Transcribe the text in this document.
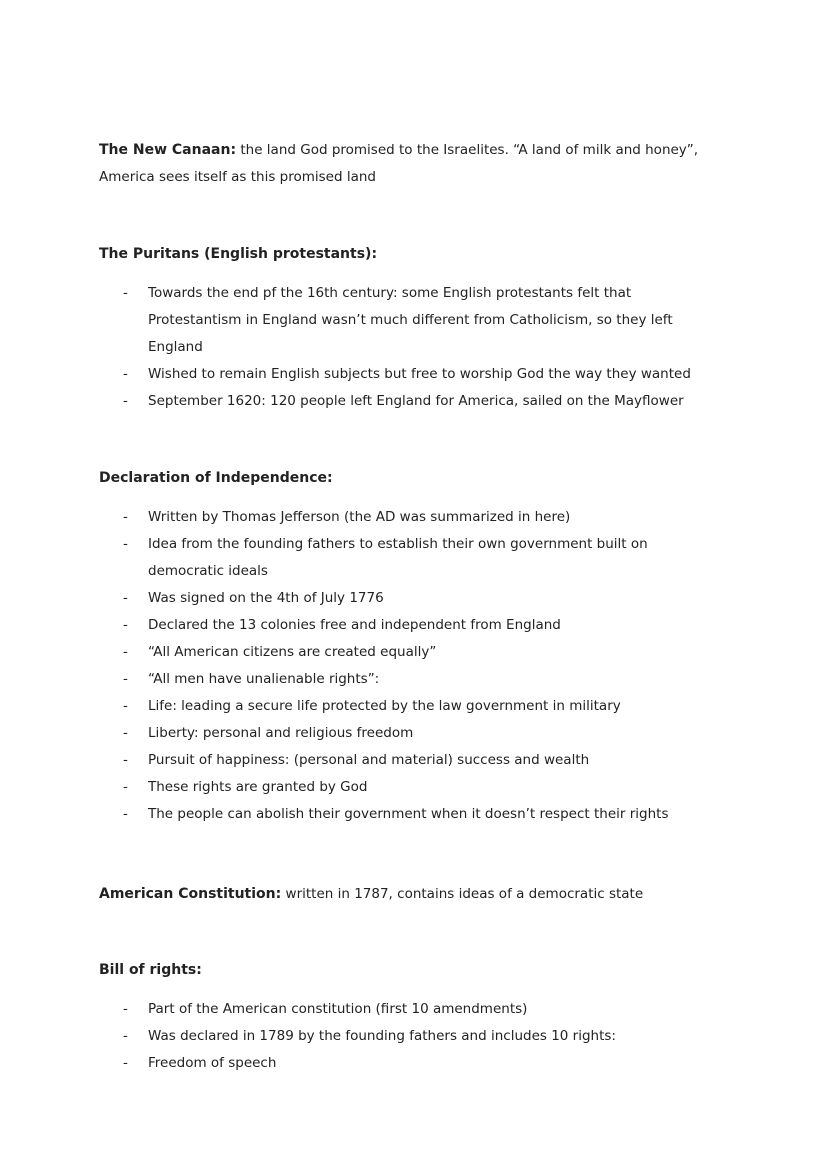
The New Canaan: the land God promised to the Israelites. “A land of milk and honey”,

America sees itself as this promised land

The Puritans (English protestants):

- Towards the end pf the 16th century: some English protestants felt that
Protestantism in England wasn’t much different from Catholicism, so they left
England
- Wished to remain English subjects but free to worship God the way they wanted
- September 1620: 120 people left England for America, sailed on the Mayflower

Declaration of Independence:

- Written by Thomas Jefferson (the AD was summarized in here)
- Idea from the founding fathers to establish their own government built on
democratic ideals
- Was signed on the 4th of July 1776
- Declared the 13 colonies free and independent from England
- “All American citizens are created equally”
- “All men have unalienable rights”:
- Life: leading a secure life protected by the law government in military
- Liberty: personal and religious freedom
- Pursuit of happiness: (personal and material) success and wealth
- These rights are granted by God
- The people can abolish their government when it doesn’t respect their rights

American Constitution: written in 1787, contains ideas of a democratic state

Bill of rights:

- Part of the American constitution (first 10 amendments)
- Was declared in 1789 by the founding fathers and includes 10 rights:
- Freedom of speech
